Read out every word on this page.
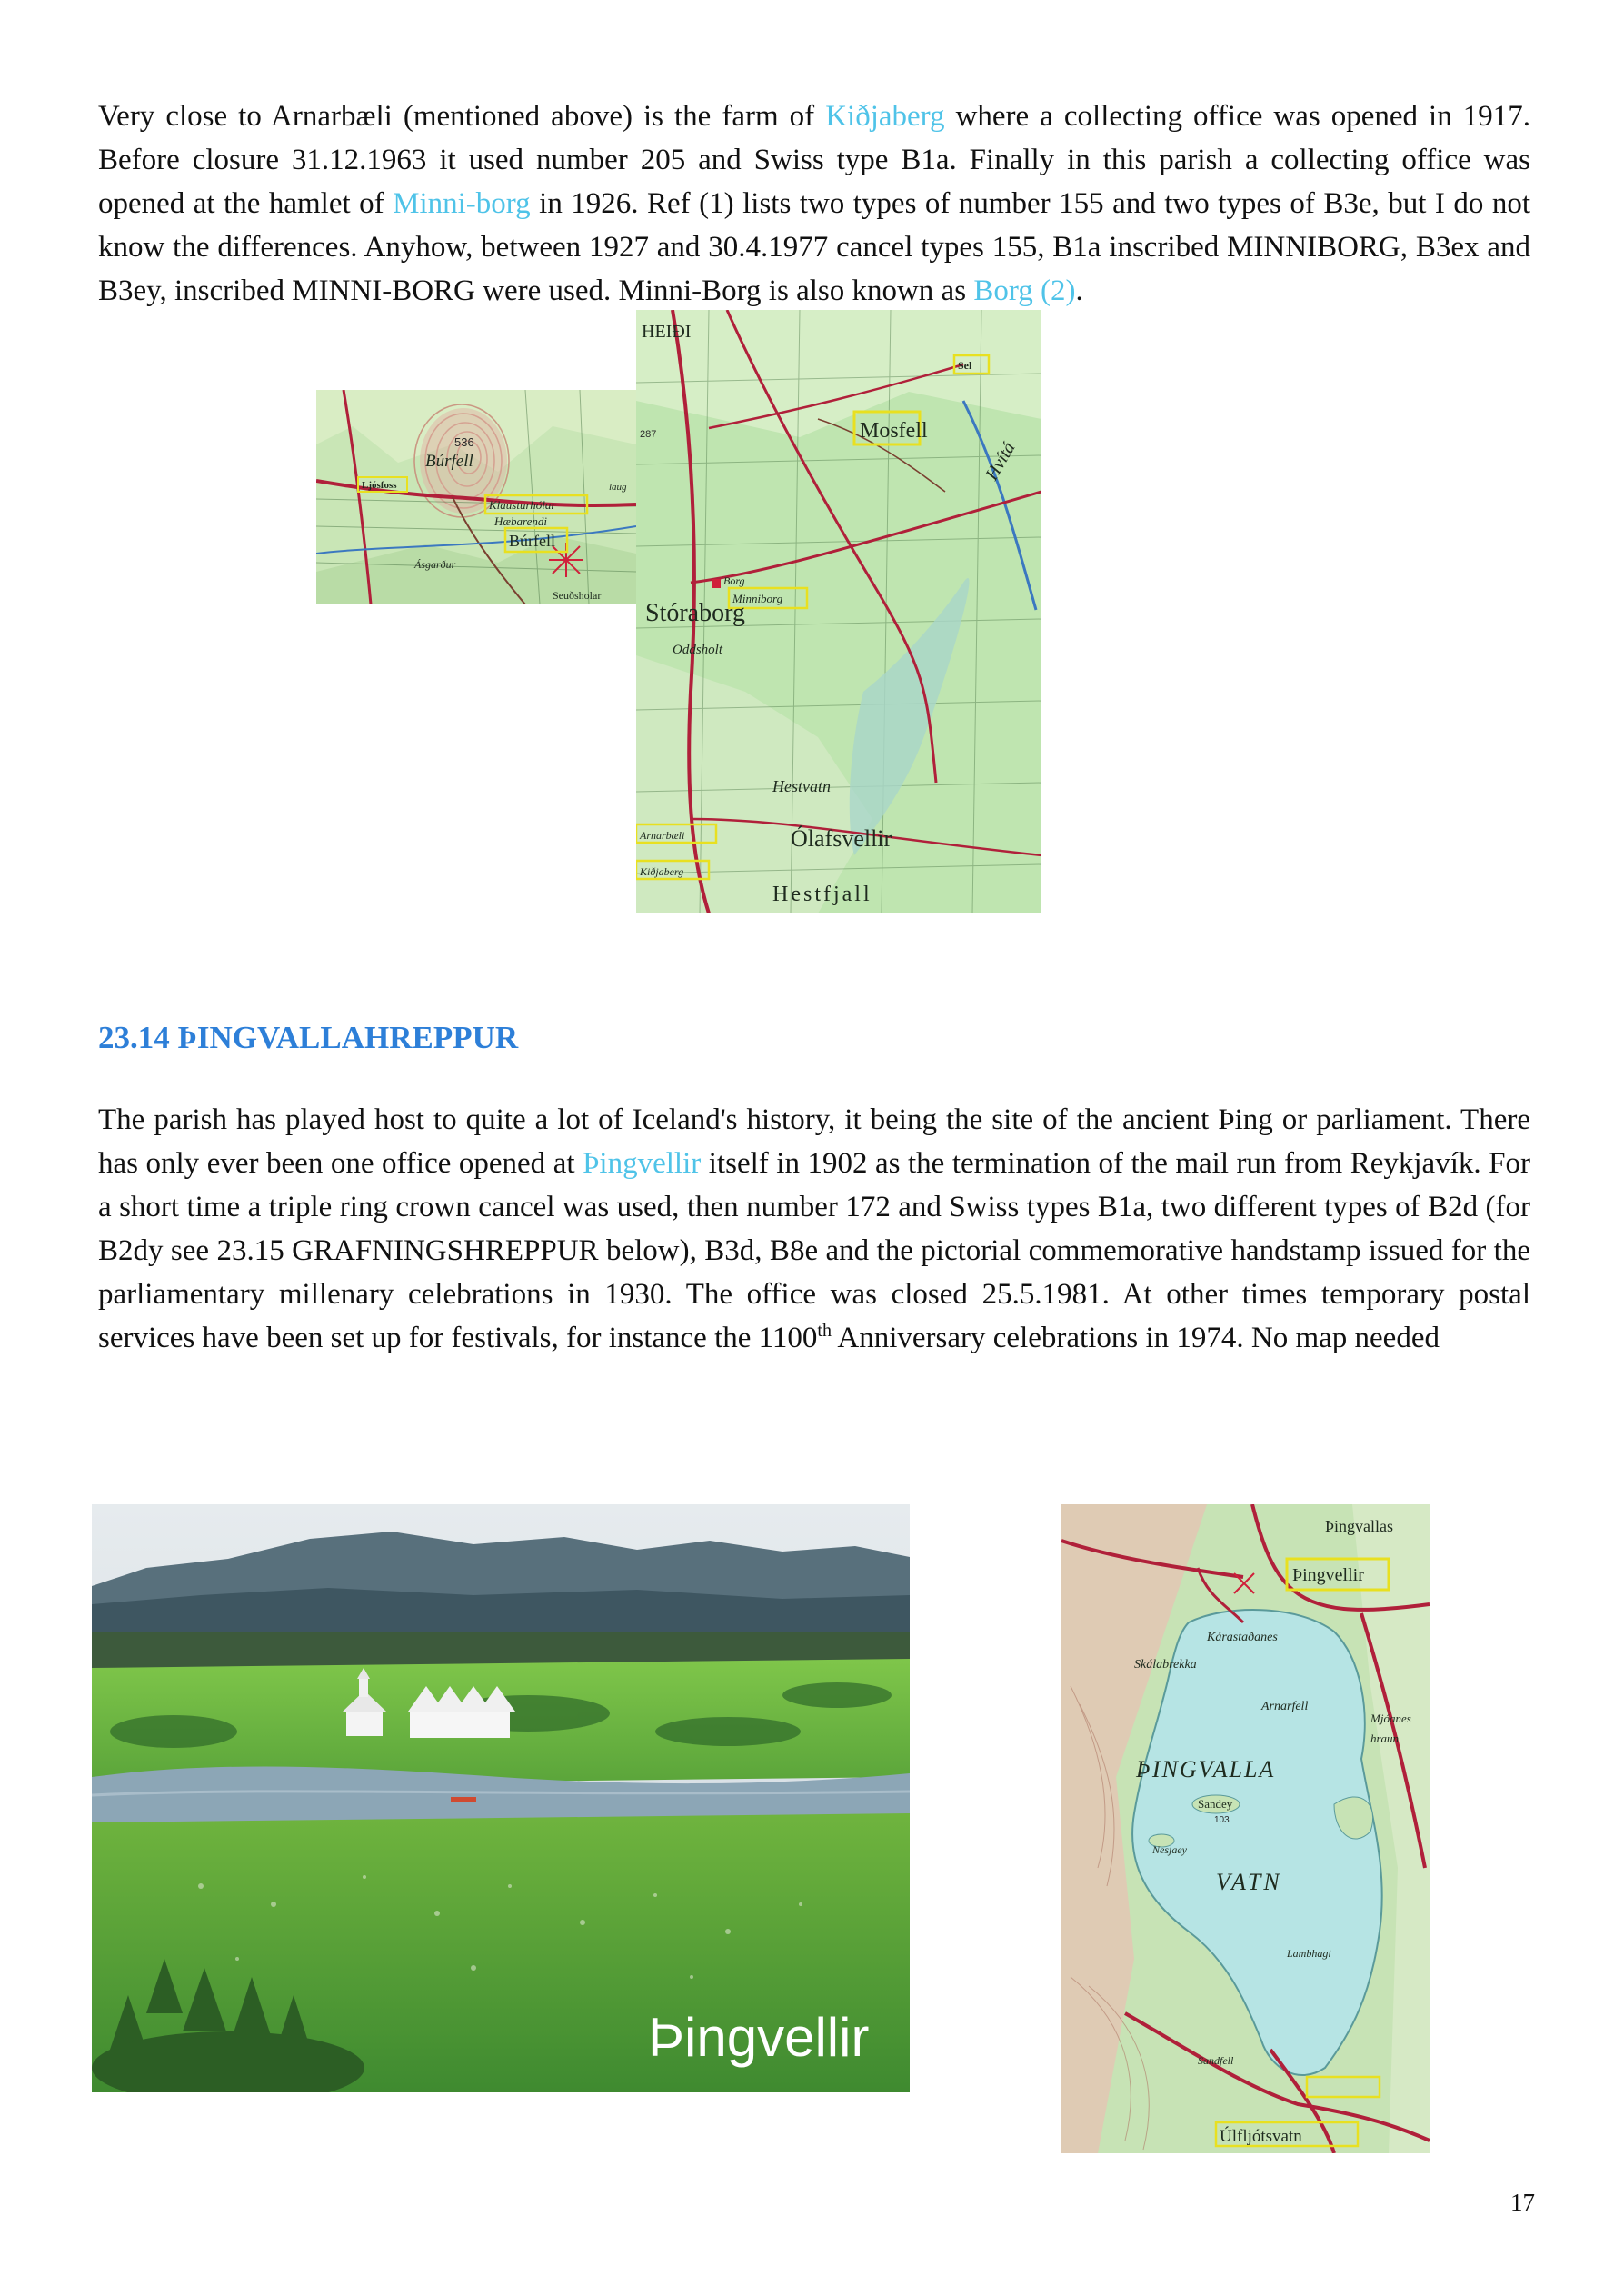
Very close to Arnarbæli (mentioned above) is the farm of Kiðjaberg where a collecting office was opened in 1917. Before closure 31.12.1963 it used number 205 and Swiss type B1a. Finally in this parish a collecting office was opened at the hamlet of Minni-borg in 1926. Ref (1) lists two types of number 155 and two types of B3e, but I do not know the differences. Anyhow, between 1927 and 30.4.1977 cancel types 155, B1a inscribed MINNIBORG, B3ex and B3ey, inscribed MINNI-BORG were used. Minni-Borg is also known as Borg (2).

536
Búrfell
Klausturhólar
Hæbarendi
Búrfell
Ásgarður
Seuðsholar
Ljósfoss	laug
HEIÐI
Mosfell
Sel
Stóraborg
Borg
Minniborg
Oddsholt
Hestvatn
Ólafsvellir
Arnarbæli
Kiðjaberg
Hestfjall
287
Hvítá
23.14 ÞINGVALLAHREPPUR

The parish has played host to quite a lot of Iceland's history, it being the site of the ancient Þing or parliament. There has only ever been one office opened at Þingvellir itself in 1902 as the termination of the mail run from Reykjavík. For a short time a triple ring crown cancel was used, then number 172 and Swiss types B1a, two different types of B2d (for B2dy see 23.15 GRAFNINGSHREPPUR below), B3d, B8e and the pictorial commemorative handstamp issued for the parliamentary millenary celebrations in 1930. The office was closed 25.5.1981. At other times temporary postal services have been set up for festivals, for instance the 1100th Anniversary celebrations in 1974. No map needed

Þingvellir
Þingvallas
Þingvellir
Kárastaðanes
Skálabrekka
Arnarfell
Mjóanes
hraun
ÞINGVALLA
Sandey
103
Nesjaey
VATN
Lambhagi
Sandfell
Úlfljótsvatn

17
